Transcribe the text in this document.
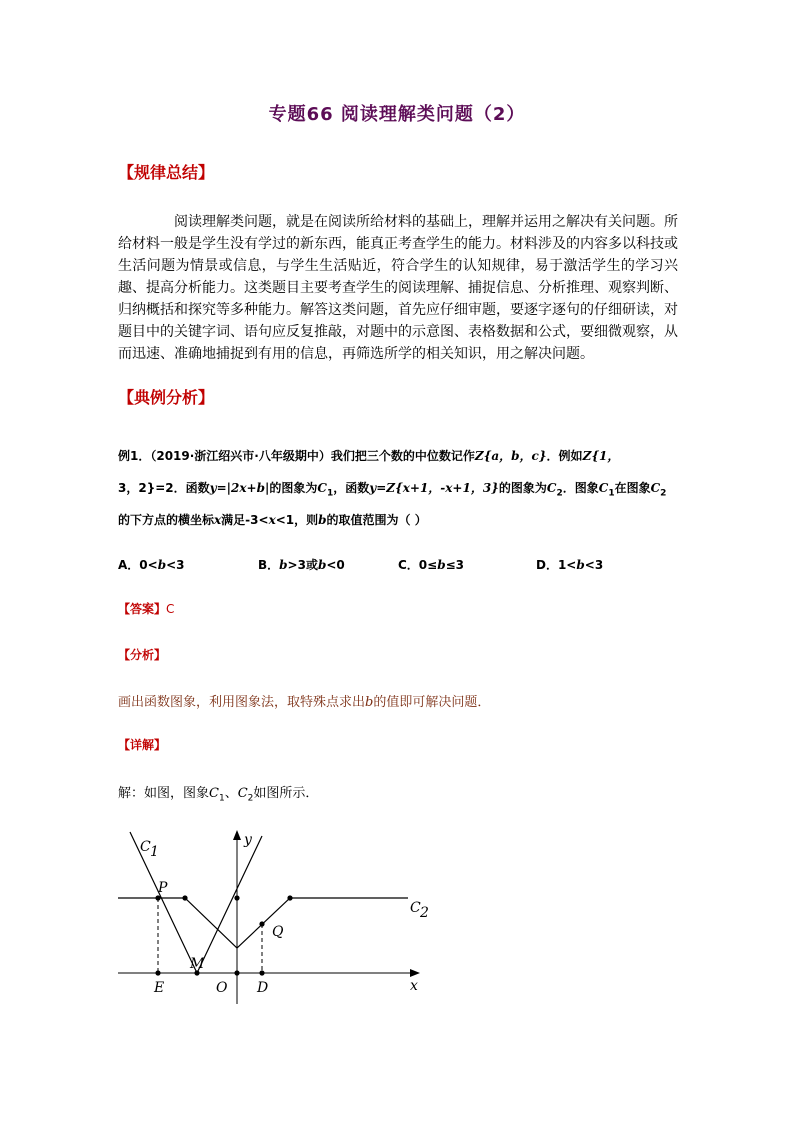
专题66 阅读理解类问题（2）
【规律总结】

阅读理解类问题，就是在阅读所给材料的基础上，理解并运用之解决有关问题。所给材料一般是学生没有学过的新东西，能真正考查学生的能力。材料涉及的内容多以科技或生活问题为情景或信息，与学生生活贴近，符合学生的认知规律，易于激活学生的学习兴趣、提高分析能力。这类题目主要考查学生的阅读理解、捕捉信息、分析推理、观察判断、归纳概括和探究等多种能力。解答这类问题，首先应仔细审题，要逐字逐句的仔细研读，对题目中的关键字词、语句应反复推敲，对题中的示意图、表格数据和公式，要细微观察，从而迅速、准确地捕捉到有用的信息，再筛选所学的相关知识，用之解决问题。

【典例分析】
例1．（2019·浙江绍兴市·八年级期中）我们把三个数的中位数记作Z{a，b，c}．例如Z{1，
3，2}=2．函数y=|2x+b|的图象为$C_1$，函数y=Z{x+1，-x+1，3}的图象为$C_2$．图象$C_1$在图象$C_2$
的下方点的横坐标x满足-3<x<1，则b的取值范围为（ ）
A．0<b<3	B．b>3或b<0	C．0≤b≤3	D．1<b<3
【答案】C
【分析】
画出函数图象，利用图象法，取特殊点求出b的值即可解决问题．
【详解】
解：如图，图象$C_1$、$C_2$如图所示．
C 1
C 2
y
x
P
M
Q
E	O D
